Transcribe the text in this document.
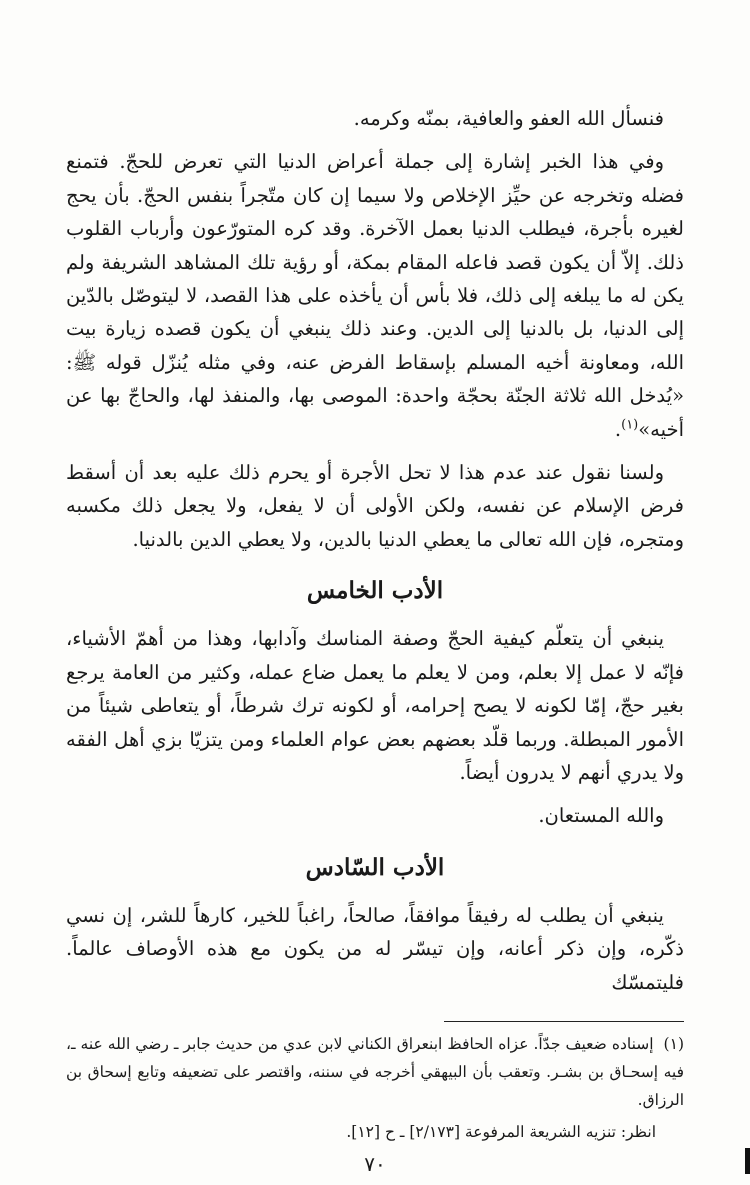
فنسأل الله العفو والعافية، بمنّه وكرمه.

وفي هذا الخبر إشارة إلى جملة أعراض الدنيا التي تعرض للحجّ. فتمنع فضله وتخرجه عن حيِّز الإخلاص ولا سيما إن كان متّجراً بنفس الحجّ. بأن يحج لغيره بأجرة، فيطلب الدنيا بعمل الآخرة. وقد كره المتورّعون وأرباب القلوب ذلك. إلاّ أن يكون قصد فاعله المقام بمكة، أو رؤية تلك المشاهد الشريفة ولم يكن له ما يبلغه إلى ذلك، فلا بأس أن يأخذه على هذا القصد، لا ليتوصّل بالدّين إلى الدنيا، بل بالدنيا إلى الدين. وعند ذلك ينبغي أن يكون قصده زيارة بيت الله، ومعاونة أخيه المسلم بإسقاط الفرض عنه، وفي مثله يُنزّل قوله ﷺ: «يُدخل الله ثلاثة الجنّة بحجّة واحدة: الموصى بها، والمنفذ لها، والحاجّ بها عن أخيه»$^{(١)}$.

ولسنا نقول عند عدم هذا لا تحل الأجرة أو يحرم ذلك عليه بعد أن أسقط فرض الإسلام عن نفسه، ولكن الأولى أن لا يفعل، ولا يجعل ذلك مكسبه ومتجره، فإن الله تعالى ما يعطي الدنيا بالدين، ولا يعطي الدين بالدنيا.

الأدب الخامس

ينبغي أن يتعلّم كيفية الحجّ وصفة المناسك وآدابها، وهذا من أهمّ الأشياء، فإنّه لا عمل إلا بعلم، ومن لا يعلم ما يعمل ضاع عمله، وكثير من العامة يرجع بغير حجّ، إمّا لكونه لا يصح إحرامه، أو لكونه ترك شرطاً، أو يتعاطى شيئاً من الأمور المبطلة. وربما قلّد بعضهم بعض عوام العلماء ومن يتزيّا بزي أهل الفقه ولا يدري أنهم لا يدرون أيضاً.

والله المستعان.

الأدب السّادس

ينبغي أن يطلب له رفيقاً موافقاً، صالحاً، راغباً للخير، كارهاً للشر، إن نسي ذكّره، وإن ذكر أعانه، وإن تيسّر له من يكون مع هذه الأوصاف عالماً. فليتمسّك

(١)إسناده ضعيف جدّاً. عزاه الحافظ ابنعراق الكناني لابن عدي من حديث جابر ـ رضي الله عنه ـ، فيه إسحـاق بن بشـر. وتعقب بأن البيهقي أخرجه في سننه، واقتصر على تضعيفه وتابع إسحاق بن الرزاق.

انظر: تنزيه الشريعة المرفوعة [٢/١٧٣] ـ ح [١٢].
٧٠
